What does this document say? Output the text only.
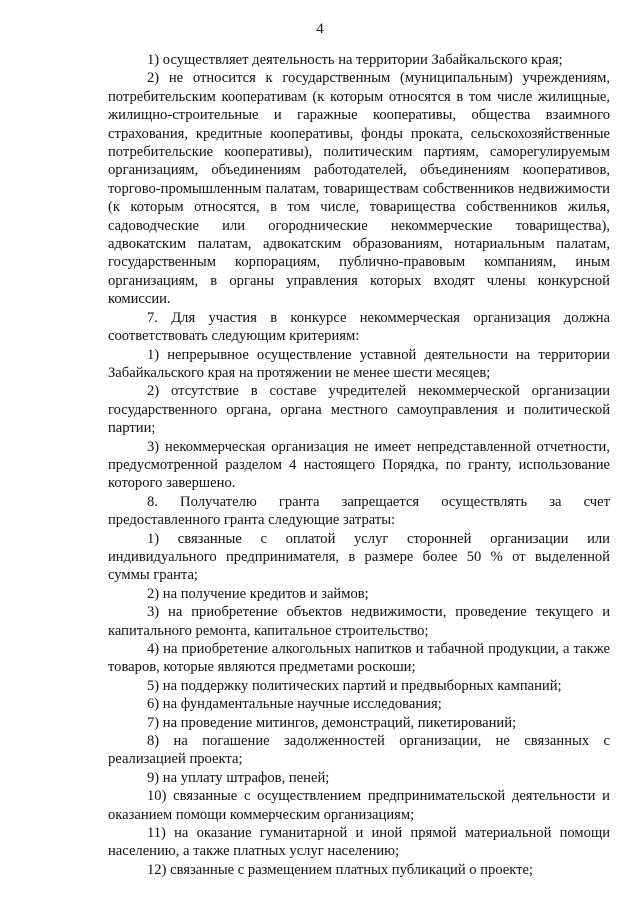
4

1) осуществляет деятельность на территории Забайкальского края;

2) не относится к государственным (муниципальным) учреждениям, потребительским кооперативам (к которым относятся в том числе жилищные, жилищно-строительные и гаражные кооперативы, общества взаимного страхования, кредитные кооперативы, фонды проката, сельскохозяйственные потребительские кооперативы), политическим партиям, саморегулируемым организациям, объединениям работодателей, объединениям кооперативов, торгово-промышленным палатам, товариществам собственников недвижимости (к которым относятся, в том числе, товарищества собственников жилья, садоводческие или огороднические некоммерческие товарищества), адвокатским палатам, адвокатским образованиям, нотариальным палатам, государственным корпорациям, публично-правовым компаниям, иным организациям, в органы управления которых входят члены конкурсной комиссии.

7. Для участия в конкурсе некоммерческая организация должна соответствовать следующим критериям:

1) непрерывное осуществление уставной деятельности на территории Забайкальского края на протяжении не менее шести месяцев;

2) отсутствие в составе учредителей некоммерческой организации государственного органа, органа местного самоуправления и политической партии;

3) некоммерческая организация не имеет непредставленной отчетности, предусмотренной разделом 4 настоящего Порядка, по гранту, использование которого завершено.

8. Получателю гранта запрещается осуществлять за счет предоставленного гранта следующие затраты:

1) связанные с оплатой услуг сторонней организации или индивидуального предпринимателя, в размере более 50 % от выделенной суммы гранта;

2) на получение кредитов и займов;

3) на приобретение объектов недвижимости, проведение текущего и капитального ремонта, капитальное строительство;

4) на приобретение алкогольных напитков и табачной продукции, а также товаров, которые являются предметами роскоши;

5) на поддержку политических партий и предвыборных кампаний;

6) на фундаментальные научные исследования;

7) на проведение митингов, демонстраций, пикетирований;

8) на погашение задолженностей организации, не связанных с реализацией проекта;

9) на уплату штрафов, пеней;

10) связанные с осуществлением предпринимательской деятельности и оказанием помощи коммерческим организациям;

11) на оказание гуманитарной и иной прямой материальной помощи населению, а также платных услуг населению;

12) связанные с размещением платных публикаций о проекте;
